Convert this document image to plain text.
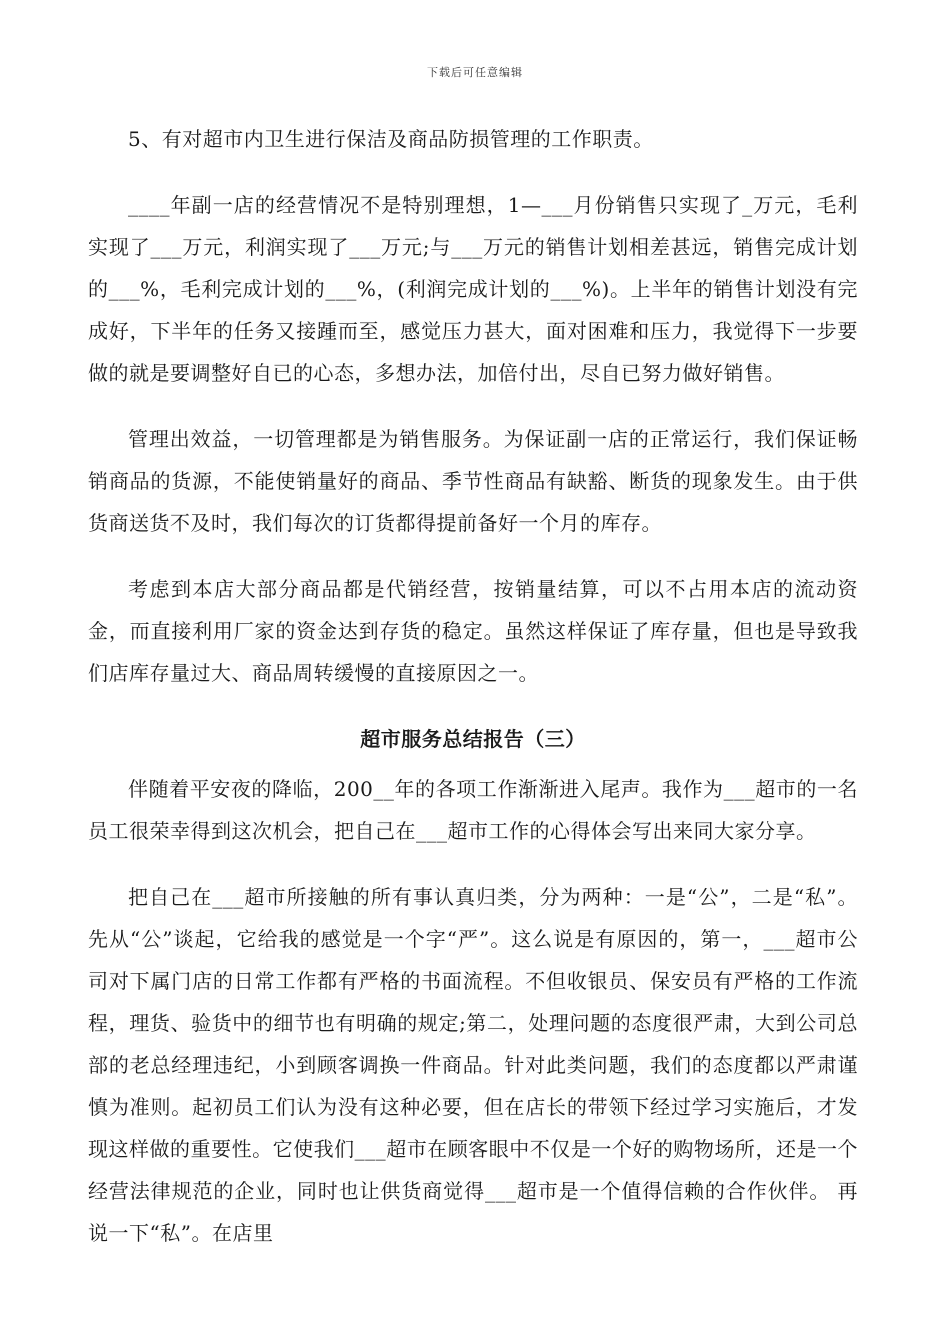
下载后可任意编辑

5、有对超市内卫生进行保洁及商品防损管理的工作职责。

____年副一店的经营情况不是特别理想，1—___月份销售只实现了_万元，毛利实现了___万元，利润实现了___万元;与___万元的销售计划相差甚远，销售完成计划的___%，毛利完成计划的___%，(利润完成计划的___%)。上半年的销售计划没有完成好，下半年的任务又接踵而至，感觉压力甚大，面对困难和压力，我觉得下一步要做的就是要调整好自已的心态，多想办法，加倍付出，尽自已努力做好销售。

管理出效益，一切管理都是为销售服务。为保证副一店的正常运行，我们保证畅销商品的货源，不能使销量好的商品、季节性商品有缺豁、断货的现象发生。由于供货商送货不及时，我们每次的订货都得提前备好一个月的库存。

考虑到本店大部分商品都是代销经营，按销量结算，可以不占用本店的流动资金，而直接利用厂家的资金达到存货的稳定。虽然这样保证了库存量，但也是导致我们店库存量过大、商品周转缓慢的直接原因之一。

超市服务总结报告（三）

伴随着平安夜的降临，200__年的各项工作渐渐进入尾声。我作为___超市的一名员工很荣幸得到这次机会，把自己在___超市工作的心得体会写出来同大家分享。

把自己在___超市所接触的所有事认真归类，分为两种：一是“公”，二是“私”。 先从“公”谈起，它给我的感觉是一个字“严”。这么说是有原因的，第一，___超市公司对下属门店的日常工作都有严格的书面流程。不但收银员、保安员有严格的工作流程，理货、验货中的细节也有明确的规定;第二，处理问题的态度很严肃，大到公司总部的老总经理违纪，小到顾客调换一件商品。针对此类问题，我们的态度都以严肃谨慎为准则。起初员工们认为没有这种必要，但在店长的带领下经过学习实施后，才发现这样做的重要性。它使我们___超市在顾客眼中不仅是一个好的购物场所，还是一个经营法律规范的企业，同时也让供货商觉得___超市是一个值得信赖的合作伙伴。 再说一下“私”。在店里
